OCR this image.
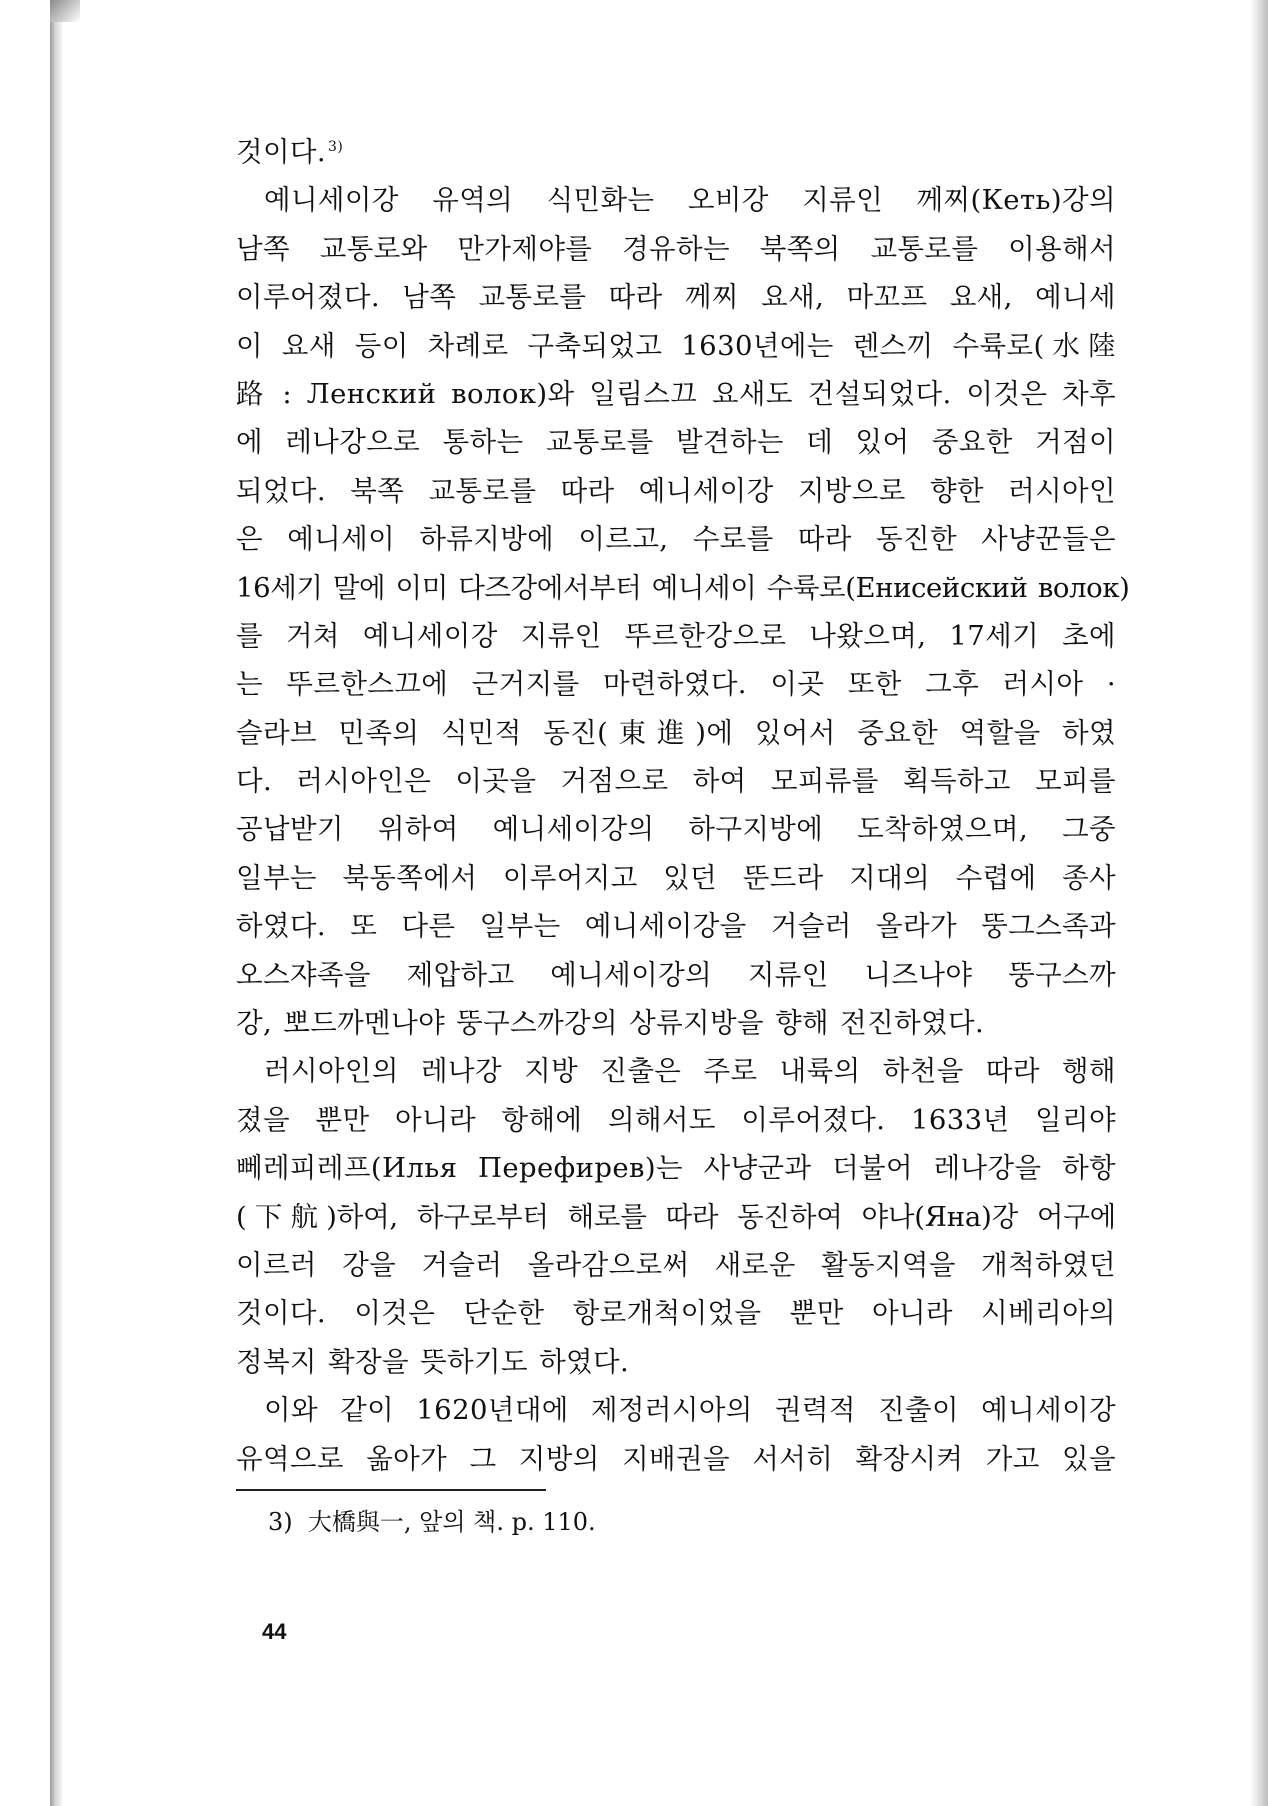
것이다. $^{3)}$
예니세이강 유역의 식민화는 오비강 지류인 께찌(Кеть)강의
남쪽 교통로와 만가제야를 경유하는 북쪽의 교통로를 이용해서
이루어졌다. 남쪽 교통로를 따라 께찌 요새, 마꼬프 요새, 예니세
이 요새 등이 차례로 구축되었고 1630년에는 렌스끼 수륙로(水陸
路 : Ленский волок)와 일림스끄 요새도 건설되었다. 이것은 차후
에 레나강으로 통하는 교통로를 발견하는 데 있어 중요한 거점이
되었다. 북쪽 교통로를 따라 예니세이강 지방으로 향한 러시아인
은 예니세이 하류지방에 이르고, 수로를 따라 동진한 사냥꾼들은
16세기 말에 이미 다즈강에서부터 예니세이 수륙로(Енисейский волок)
를 거쳐 예니세이강 지류인 뚜르한강으로 나왔으며, 17세기 초에
는 뚜르한스끄에 근거지를 마련하였다. 이곳 또한 그후 러시아 ·
슬라브 민족의 식민적 동진(東進)에 있어서 중요한 역할을 하였
다. 러시아인은 이곳을 거점으로 하여 모피류를 획득하고 모피를
공납받기 위하여 예니세이강의 하구지방에 도착하였으며, 그중
일부는 북동쪽에서 이루어지고 있던 뚠드라 지대의 수렵에 종사
하였다. 또 다른 일부는 예니세이강을 거슬러 올라가 뚱그스족과
오스쟈족을 제압하고 예니세이강의 지류인 니즈나야 뚱구스까
강, 뽀드까멘나야 뚱구스까강의 상류지방을 향해 전진하였다.
러시아인의 레나강 지방 진출은 주로 내륙의 하천을 따라 행해
졌을 뿐만 아니라 항해에 의해서도 이루어졌다. 1633년 일리야
뻬레피레프(Илья Перефирев)는 사냥군과 더불어 레나강을 하항
(下航)하여, 하구로부터 해로를 따라 동진하여 야나(Яна)강 어구에
이르러 강을 거슬러 올라감으로써 새로운 활동지역을 개척하였던
것이다. 이것은 단순한 항로개척이었을 뿐만 아니라 시베리아의
정복지 확장을 뜻하기도 하였다.
이와 같이 1620년대에 제정러시아의 권력적 진출이 예니세이강
유역으로 옮아가 그 지방의 지배권을 서서히 확장시켜 가고 있을
3) 大橋與一, 앞의 책. p. 110.
44
